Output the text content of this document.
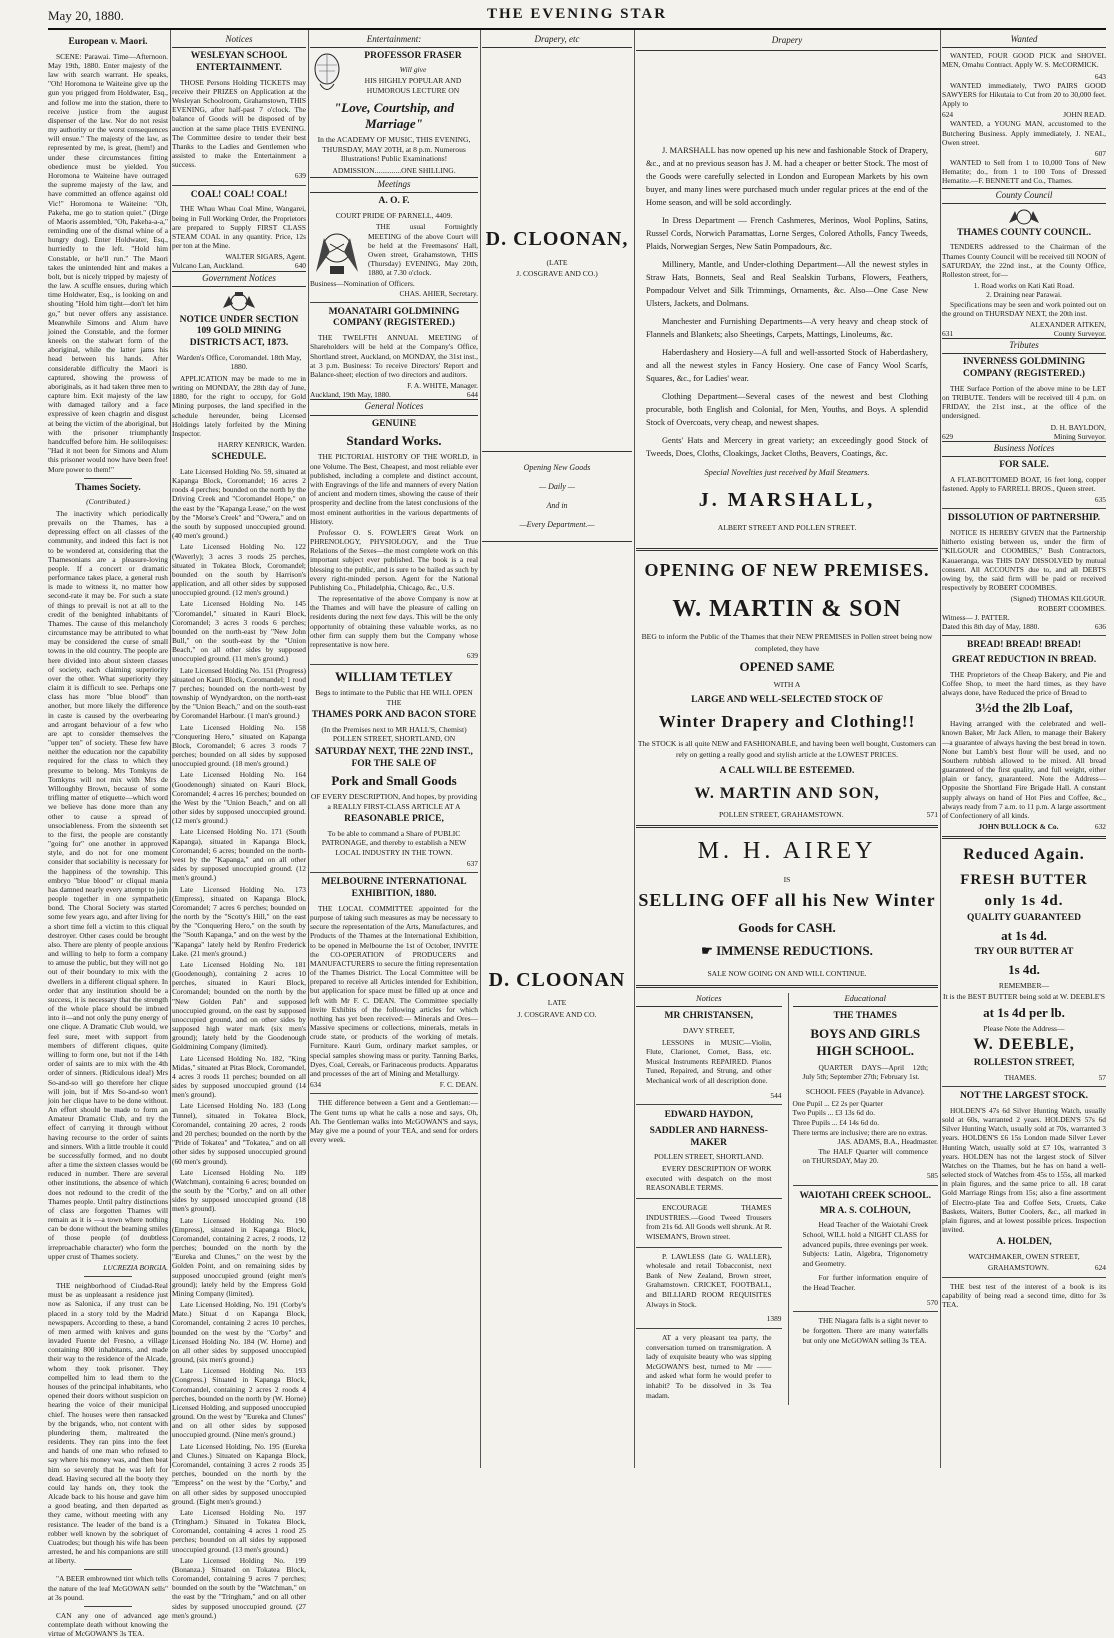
May 20, 1880.	THE EVENING STAR
European v. Maori.

SCENE: Parawai. Time—Afternoon. May 19th, 1880. Enter majesty of the law with search warrant. He speaks, "Oh! Horomona te Waiteine give up the gun you prigged from Holdwater, Esq., and follow me into the station, there to receive justice from the august dispenser of the law. Nor do not resist my authority or the worst consequences will ensue." The majesty of the law, as represented by me, is great, (hem!) and under these circumstances fitting obedience must be yielded. You Horomona te Waiteine have outraged the supreme majesty of the law, and have committed an offence against old Vic!" Horomona te Waiteine: "Oh, Pakeha, me go to station quiet." (Dirge of Maoris assembled, "Oh, Pakeha-a-a," reminding one of the dismal whine of a hungry dog). Enter Holdwater, Esq., hurriedly to the left. "Hold him Constable, or he'll run." The Maori takes the unintended hint and makes a bolt, but is nicely tripped by majesty of the law. A scuffle ensues, during which time Holdwater, Esq., is looking on and shouting "Hold him tight—don't let him go," but never offers any assistance. Meanwhile Simons and Alum have joined the Constable, and the former kneels on the stalwart form of the aboriginal, while the latter jams his head between his hands. After considerable difficulty the Maori is captured, showing the prowess of aboriginals, as it had taken three men to capture him. Exit majesty of the law with damaged tailory and a face expressive of keen chagrin and disgust at being the victim of the aboriginal, but with the prisoner triumphantly handcuffed before him. He soliloquises: "Had it not been for Simons and Alum this prisoner would now have been free! More power to them!"

Thames Society.
(Contributed.)

The inactivity which periodically prevails on the Thames, has a depressing effect on all classes of the community, and indeed this fact is not to be wondered at, considering that the Thamesonians are a pleasure-loving people. If a concert or dramatic performance takes place, a general rush is made to witness it, no matter how second-rate it may be. For such a state of things to prevail is not at all to the credit of the benighted inhabitants of Thames. The cause of this melancholy circumstance may be attributed to what may be considered the curse of small towns in the old country. The people are here divided into about sixteen classes of society, each claiming superiority over the other. What superiority they claim it is difficult to see. Perhaps one class has more "blue blood" than another, but more likely the difference in caste is caused by the overbearing and arrogant behaviour of a few who are apt to consider themselves the "upper ten" of society. These few have neither the education nor the capability required for the class to which they presume to belong. Mrs Tomkyns de Tomkyns will not mix with Mrs de Willoughby Brown, because of some trifling matter of etiquette—which word we believe has done more than any other to cause a spread of unsociableness. From the sixteenth set to the first, the people are constantly "going for" one another in approved style, and do not for one moment consider that sociability is necessary for the happiness of the township. This embryo "blue blood" or cliqual mania has damned nearly every attempt to join people together in one sympathetic bond. The Choral Society was started some few years ago, and after living for a short time fell a victim to this cliqual destroyer. Other cases could be brought also. There are plenty of people anxious and willing to help to form a company to amuse the public, but they will not go out of their boundary to mix with the dwellers in a different cliqual sphere. In order that any institution should be a success, it is necessary that the strength of the whole place should be imbued into it—and not only the puny energy of one clique. A Dramatic Club would, we feel sure, meet with support from members of different cliques, quite willing to form one, but not if the 14th order of saints are to mix with the 4th order of sinners. (Ridiculous idea!) Mrs So-and-so will go therefore her clique will join, but if Mrs So-and-so won't join her clique have to be done without. An effort should be made to form an Amateur Dramatic Club, and try the effect of carrying it through without having recourse to the order of saints and sinners. With a little trouble it could be successfully formed, and no doubt after a time the sixteen classes would be reduced in number. There are several other institutions, the absence of which does not redound to the credit of the Thames people. Until paltry distinctions of class are forgotten Thames will remain as it is —a town where nothing can be done without the beaming smiles of those people (of doubtless irreproachable character) who form the upper crust of Thames society.

LUCREZIA BORGIA.

THE neighborhood of Ciudad-Real must be as unpleasant a residence just now as Salonica, if any trust can be placed in a story told by the Madrid newspapers. According to these, a band of men armed with knives and guns invaded Fuente del Fresno, a village containing 800 inhabitants, and made their way to the residence of the Alcade, whom they took prisoner. They compelled him to lead them to the houses of the principal inhabitants, who opened their doors without suspicion on hearing the voice of their municipal chief. The houses were then ransacked by the brigands, who, not content with plundering them, maltreated the residents. They ran pins into the feet and hands of one man who refused to say where his money was, and then beat him so severely that he was left for dead. Having secured all the booty they could lay hands on, they took the Alcade back to his house and gave him a good beating, and then departed as they came, without meeting with any resistance. The leader of the band is a robber well known by the sobriquet of Cuatrodes; but though his wife has been arrested, he and his companions are still at liberty.

"A BEER embrowned tint which tells the nature of the leaf McGOWAN sells" at 3s pound.

CAN any one of advanced age contemplate death without knowing the virtue of McGOWAN'S 3s TEA.

Notices
WESLEYAN SCHOOL ENTERTAINMENT.

THOSE Persons Holding TICKETS may receive their PRIZES on Application at the Wesleyan Schoolroom, Grahamstown, THIS EVENING, after half-past 7 o'clock. The balance of Goods will be disposed of by auction at the same place THIS EVENING. The Committee desire to tender their best Thanks to the Ladies and Gentlemen who assisted to make the Entertainment a success.

639
COAL! COAL! COAL!

THE Whau Whau Coal Mine, Wangarei, being in Full Working Order, the Proprietors are prepared to Supply FIRST CLASS STEAM COAL in any quantity. Price, 12s per ton at the Mine.

WALTER SIGARS, Agent.
Vulcano Lan, Auckland.	640
Government Notices
NOTICE UNDER SECTION 109 GOLD MINING DISTRICTS ACT, 1873.
Warden's Office, Coromandel. 18th May, 1880.

APPLICATION may be made to me in writing on MONDAY, the 28th day of June, 1880, for the right to occupy, for Gold Mining purposes, the land specified in the schedule hereunder, being Licensed Holdings lately forfeited by the Mining Inspector.

HARRY KENRICK, Warden.
SCHEDULE.

Late Licensed Holding No. 59, situated at Kapanga Block, Coromandel; 16 acres 2 roods 4 perches; bounded on the north by the Driving Creek and "Coromandel Hope," on the east by the "Kapanga Lease," on the west by the "Morse's Creek" and "Owera," and on the south by supposed unoccupied ground. (40 men's ground.)

Late Licensed Holding No. 122 (Waverly); 3 acres 3 roods 25 perches, situated in Tokatea Block, Coromandel; bounded on the south by Harrison's application, and all other sides by supposed unoccupied ground. (12 men's ground.)

Late Licensed Holding No. 145 "Coromandel," situated in Kauri Block, Coromandel; 3 acres 3 roods 6 perches; bounded on the north-east by "New John Bull," on the south-east by the "Union Beach," on all other sides by supposed unoccupied ground. (11 men's ground.)

Late Licensed Holding No. 151 (Progress) situated on Kauri Block, Coromandel; 1 rood 7 perches; bounded on the north-west by township of Wyndyardton, on the north-east by the "Union Beach," and on the south-east by Coromandel Harbour. (1 man's ground.)

Late Licensed Holding No. 158 "Conquering Hero," situated on Kapanga Block, Coromandel; 6 acres 3 roods 7 perches; bounded on all sides by supposed unoccupied ground. (18 men's ground.)

Late Licensed Holding No. 164 (Goodenough) situated on Kauri Block, Coromandel; 4 acres 16 perches; bounded on the West by the "Union Beach," and on all other sides by supposed unoccupied ground. (12 men's ground.)

Late Licensed Holding No. 171 (South Kapanga), situated in Kapanga Block, Coromandel; 6 acres; bounded on the north-west by the "Kapanga," and on all other sides by supposed unoccupied ground. (12 men's ground.)

Late Licensed Holding No. 173 (Empress), situated on Kapanga Block, Coromandel; 7 acres 6 perches; bounded on the north by the "Scotty's Hill," on the east by the "Conquering Hero," on the south by the "South Kapanga," and on the west by the "Kapanga" lately held by Renfro Frederick Lake. (21 men's ground.)

Late Licensed Holding No. 181 (Goodenough), containing 2 acres 10 perches, situated in Kauri Block, Coromandel; bounded on the north by the "New Golden Pah" and supposed unoccupied ground, on the east by supposed unoccupied ground, and on other sides by supposed high water mark (six men's ground); lately held by the Goodenough Goldmining Company (limited).

Late Licensed Holding No. 182, "King Midas," situated at Pitas Block, Coromandel, 4 acres 3 roods 11 perches; bounded on all sides by supposed unoccupied ground (14 men's ground).

Late Licensed Holding No. 183 (Long Tunnel), situated in Tokatea Block, Coromandel, containing 20 acres, 2 roods and 20 perches; bounded on the north by the "Pride of Tokatea" and "Tokatea," and on all other sides by supposed unoccupied ground (60 men's ground).

Late Licensed Holding No. 189 (Watchman), containing 6 acres; bounded on the south by the "Corby," and on all other sides by supposed unoccupied ground (18 men's ground).

Late Licensed Holding No. 190 (Empress), situated in Kapanga Block, Coromandel, containing 2 acres, 2 roods, 12 perches; bounded on the north by the "Eureka and Clunes," on the west by the Golden Point, and on remaining sides by supposed unoccupied ground (eight men's ground); lately held by the Empress Gold Mining Company (limited).

Late Licensed Holding, No. 191 (Corby's Mate.) Situat d on Kapanga Block, Coromandel, containing 2 acres 10 perches, bounded on the west by the "Corby" and Licensed Holding No. 184 (W. Horne) and on all other sides by supposed unoccupied ground, (six men's ground.)

Late Licensed Holding No. 193 (Congress.) Situated in Kapanga Block, Coromandel, containing 2 acres 2 roods 4 perches, bounded on the north by (W. Horne) Licensed Holding, and supposed unoccupied ground. On the west by "Eureka and Clunes" and on all other sides by supposed unoccupied ground. (Nine men's ground.)

Late Licensed Holding, No. 195 (Eureka and Clunes.) Situated on Kapanga Block, Coromandel, containing 3 acres 2 roods 35 perches, bounded on the north by the "Empress" on the west by the "Corby," and on all other sides by supposed unoccupied ground. (Eight men's ground.)

Late Licensed Holding No. 197 (Tringham.) Situated in Tokatea Block, Coromandel, containing 4 acres 1 rood 25 perches; bounded on all sides by supposed unoccupied ground. (13 men's ground.)

Late Licensed Holding No. 199 (Bonanza.) Situated on Tokatea Block, Coromandel, containing 9 acres 7 perches; bounded on the south by the "Watchman," on the east by the "Tringham," and on all other sides by supposed unoccupied ground. (27 men's ground.)

Entertainment:
PROFESSOR FRASER
Will give
HIS HIGHLY POPULAR AND HUMOROUS LECTURE ON
"Love, Courtship, and Marriage"
In the ACADEMY OF MUSIC, THIS EVENING, THURSDAY, MAY 20TH, at 8 p.m. Numerous Illustrations! Public Examinations!
ADMISSION..............ONE SHILLING.
Meetings
A. O. F.
COURT PRIDE OF PARNELL, 4409.

THE usual Fortnightly MEETING of the above Court will be held at the Freemasons' Hall, Owen street, Grahamstown, THIS (Thursday) EVENING, May 20th, 1880, at 7.30 o'clock.

Business—Nomination of Officers.
CHAS. AHIER, Secretary.
MOANATAIRI GOLDMINING COMPANY (REGISTERED.)

THE TWELFTH ANNUAL MEETING of Shareholders will be held at the Company's Office, Shortland street, Auckland, on MONDAY, the 31st inst., at 3 p.m. Business: To receive Directors' Report and Balance-sheet; election of two directors and auditors.

F. A. WHITE, Manager.
Auckland, 19th May, 1880.	644
General Notices
GENUINE
Standard Works.

THE PICTORIAL HISTORY OF THE WORLD, in one Volume. The Best, Cheapest, and most reliable ever published, including a complete and distinct account, with Engravings of the life and manners of every Nation of ancient and modern times, showing the cause of their prosperity and decline from the latest conclusions of the most eminent authorities in the various departments of History.

Professor O. S. FOWLER'S Great Work on PHRENOLOGY, PHYSIOLOGY, and the True Relations of the Sexes—the most complete work on this important subject ever published. The book is a real blessing to the public, and is sure to be hailed as such by every right-minded person. Agent for the National Publishing Co., Philadelphia, Chicago, &c., U.S.

The representative of the above Company is now at the Thames and will have the pleasure of calling on residents during the next few days. This will be the only opportunity of obtaining these valuable works, as no other firm can supply them but the Company whose representative is now here.

639
WILLIAM TETLEY
Begs to intimate to the Public that HE WILL OPEN THE
THAMES PORK AND BACON STORE
(In the Premises next to MR HALL'S, Chemist) POLLEN STREET, SHORTLAND, ON
SATURDAY NEXT, THE 22ND INST., FOR THE SALE OF
Pork and Small Goods
OF EVERY DESCRIPTION, And hopes, by providing a REALLY FIRST-CLASS ARTICLE AT A
REASONABLE PRICE,
To be able to command a Share of PUBLIC PATRONAGE, and thereby to establish a NEW LOCAL INDUSTRY IN THE TOWN.
637
MELBOURNE INTERNATIONAL EXHIBITION, 1880.

THE LOCAL COMMITTEE appointed for the purpose of taking such measures as may be necessary to secure the representation of the Arts, Manufactures, and Products of the Thames at the International Exhibition, to be opened in Melbourne the 1st of October, INVITE the CO-OPERATION of PRODUCERS and MANUFACTURERS to secure the fitting representation of the Thames District. The Local Committee will be prepared to receive all Articles intended for Exhibition, but application for space must be filled up at once and left with Mr F. C. DEAN. The Committee specially invite Exhibits of the following articles for which nothing has yet been received:— Minerals and Ores—Massive specimens or collections, minerals, metals in crude state, or products of the working of metals. Furniture. Kauri Gum, ordinary market samples, or special samples showing mass or purity. Tanning Barks, Dyes, Coal, Cereals, or Farinaceous products. Apparatus and processes of the art of Mining and Metallurgy.

634	F. C. DEAN.

THE difference between a Gent and a Gentleman:—The Gent turns up what he calls a nose and says, Oh, Ah. The Gentleman walks into McGOWAN'S and says, May give me a pound of your TEA, and send for orders every week.

Drapery, etc
D. CLOONAN,
(LATE
J. COSGRAVE AND CO.)
Opening New Goods
— Daily —
And in
—Every Department.—
D. CLOONAN
LATE
J. COSGRAVE AND CO.
Drapery

J. MARSHALL has now opened up his new and fashionable Stock of Drapery, &c., and at no previous season has J. M. had a cheaper or better Stock. The most of the Goods were carefully selected in London and European Markets by his own buyer, and many lines were purchased much under regular prices at the end of the Home season, and will be sold accordingly.

In Dress Department — French Cashmeres, Merinos, Wool Poplins, Satins, Russel Cords, Norwich Paramattas, Lorne Serges, Colored Atholls, Fancy Tweeds, Plaids, Norwegian Serges, New Satin Pompadours, &c.

Millinery, Mantle, and Under-clothing Department—All the newest styles in Straw Hats, Bonnets, Seal and Real Sealskin Turbans, Flowers, Feathers, Pompadour Velvet and Silk Trimmings, Ornaments, &c. Also—One Case New Ulsters, Jackets, and Dolmans.

Manchester and Furnishing Departments—A very heavy and cheap stock of Flannels and Blankets; also Sheetings, Carpets, Mattings, Linoleums, &c.

Haberdashery and Hosiery—A full and well-assorted Stock of Haberdashery, and all the newest styles in Fancy Hosiery. One case of Fancy Wool Scarfs, Squares, &c., for Ladies' wear.

Clothing Department—Several cases of the newest and best Clothing procurable, both English and Colonial, for Men, Youths, and Boys. A splendid Stock of Overcoats, very cheap, and newest shapes.

Gents' Hats and Mercery in great variety; an exceedingly good Stock of Tweeds, Does, Cloths, Cloakings, Jacket Cloths, Beavers, Coatings, &c.

Special Novelties just received by Mail Steamers.
J. MARSHALL,
ALBERT STREET AND POLLEN STREET.
OPENING OF NEW PREMISES.
W. MARTIN & SON
BEG to inform the Public of the Thames that their NEW PREMISES in Pollen street being now completed, they have
OPENED SAME
WITH A
LARGE AND WELL-SELECTED STOCK OF
Winter Drapery and Clothing!!
The STOCK is all quite NEW and FASHIONABLE, and having been well bought, Customers can rely on getting a really good and stylish article at the LOWEST PRICES.
A CALL WILL BE ESTEEMED.
W. MARTIN AND SON,
POLLEN STREET, GRAHAMSTOWN.	571
M. H. AIREY
IS
SELLING OFF all his New Winter
Goods for CASH.
☛ IMMENSE REDUCTIONS.
SALE NOW GOING ON AND WILL CONTINUE.
Notices
MR CHRISTANSEN,
DAVY STREET,

LESSONS in MUSIC—Violin, Flute, Clarionet, Cornet, Bass, etc. Musical Instruments REPAIRED. Pianos Tuned, Repaired, and Strung, and other Mechanical work of all description done.

544
EDWARD HAYDON,
SADDLER AND HARNESS-MAKER
POLLEN STREET, SHORTLAND.

EVERY DESCRIPTION OF WORK executed with despatch on the most REASONABLE TERMS.

ENCOURAGE THAMES INDUSTRIES.—Good Tweed Trousers from 21s 6d. All Goods well shrunk. At R. WISEMAN'S, Brown street.

P. LAWLESS (late G. WALLER), wholesale and retail Tobacconist, next Bank of New Zealand, Brown street, Grahamstown. CRICKET, FOOTBALL, and BILLIARD ROOM REQUISITES Always in Stock.

1389

AT a very pleasant tea party, the conversation turned on transmigration. A lady of exquisite beauty who was sipping McGOWAN'S best, turned to Mr —— and asked what form he would prefer to inhabit? To be dissolved in 3s Tea madam.

Educational
THE THAMES
BOYS AND GIRLS HIGH SCHOOL.

QUARTER DAYS—April 12th; July 5th; September 27th; February 1st.

SCHOOL FEES (Payable in Advance).
One Pupil ... £2 2s per Quarter
Two Pupils ... £3 13s 6d do.
Three Pupils ... £4 14s 6d do.
There terms are inclusive; there are no extras.
JAS. ADAMS, B.A., Headmaster.

The HALF Quarter will commence on THURSDAY, May 20.

585
WAIOTAHI CREEK SCHOOL.
MR A. S. COLHOUN,

Head Teacher of the Waiotahi Creek School, WILL hold a NIGHT CLASS for advanced pupils, three evenings per week. Subjects: Latin, Algebra, Trigonometry and Geometry.

For further information enquire of the Head Teacher.

570

THE Niagara falls is a sight never to be forgotten. There are many waterfalls but only one McGOWAN selling 3s TEA.

Wanted

WANTED, FOUR GOOD PICK and SHOVEL MEN, Omahu Contract. Apply W. S. McCORMICK.

643

WANTED immediately, TWO PAIRS GOOD SAWYERS for Hikutaia to Cut from 20 to 30,000 feet. Apply to

624	JOHN READ.

WANTED, a YOUNG MAN, accustomed to the Butchering Business. Apply immediately, J. NEAL, Owen street.

607

WANTED to Sell from 1 to 10,000 Tons of New Hematite; do., from 1 to 100 Tons of Dressed Hematite.—F. BENNETT and Co., Thames.

County Council
THAMES COUNTY COUNCIL.

TENDERS addressed to the Chairman of the Thames County Council will be received till NOON of SATURDAY, the 22nd inst., at the County Office, Rolleston street, for—

1. Road works on Kati Kati Road.
2. Draining near Parawai.

Specifications may be seen and work pointed out on the ground on THURSDAY NEXT, the 20th inst.

ALEXANDER AITKEN,
631	County Surveyor.
Tributes
INVERNESS GOLDMINING COMPANY (REGISTERED.)

THE Surface Portion of the above mine to be LET on TRIBUTE. Tenders will be received till 4 p.m. on FRIDAY, the 21st inst., at the office of the undersigned.

D. H. BAYLDON,
629	Mining Surveyor.
Business Notices
FOR SALE.

A FLAT-BOTTOMED BOAT, 16 feet long, copper fastened. Apply to FARRELL BROS., Queen street.

635
DISSOLUTION OF PARTNERSHIP.

NOTICE IS HEREBY GIVEN that the Partnership hitherto existing between us, under the firm of "KILGOUR and COOMBES," Bush Contractors, Kauaeranga, was THIS DAY DISSOLVED by mutual consent. All ACCOUNTS due to, and all DEBTS owing by, the said firm will be paid or received respectively by ROBERT COOMBES.

(Signed) THOMAS KILGOUR.
ROBERT COOMBES.
Witness— J. PATTER.
Dated this 8th day of May, 1880.	636
BREAD! BREAD! BREAD!
GREAT REDUCTION IN BREAD.

THE Proprietors of the Cheap Bakery, and Pie and Coffee Shop, to meet the hard times, as they have always done, have Reduced the price of Bread to

3½d the 2lb Loaf,

Having arranged with the celebrated and well-known Baker, Mr Jack Allen, to manage their Bakery—a guarantee of always having the best bread in town. None but Lamb's best flour will be used, and no Southern rubbish allowed to be mixed. All bread guaranteed of the first quality, and full weight, either plain or fancy, guaranteed. Note the Address—Opposite the Shortland Fire Brigade Hall. A constant supply always on hand of Hot Pies and Coffee, &c., always ready from 7 a.m. to 11 p.m. A large assortment of Confectionery of all kinds.

JOHN BULLOCK & Co.	632
Reduced Again.
FRESH BUTTER
only 1s 4d.
QUALITY GUARANTEED
at 1s 4d.
TRY OUR BUTTER AT
1s 4d.
REMEMBER—
It is the BEST BUTTER being sold at W. DEEBLE'S
at 1s 4d per lb.
Please Note the Address—
W. DEEBLE,
ROLLESTON STREET,
THAMES.	57
NOT THE LARGEST STOCK.

HOLDEN'S 47s 6d Silver Hunting Watch, usually sold at 60s, warranted 2 years. HOLDEN'S 57s 6d Silver Hunting Watch, usually sold at 70s, warranted 3 years. HOLDEN'S £6 15s London made Silver Lever Hunting Watch, usually sold at £7 10s, warranted 3 years. HOLDEN has not the largest stock of Silver Watches on the Thames, but he has on hand a well-selected stock of Watches from 45s to 155s, all marked in plain figures, and the same price to all. 18 carat Gold Marriage Rings from 15s; also a fine assortment of Electro-plate Tea and Coffee Sets, Cruets, Cake Baskets, Waiters, Butter Coolers, &c., all marked in plain figures, and at lowest possible prices. Inspection invited.

A. HOLDEN,
WATCHMAKER, OWEN STREET,
GRAHAMSTOWN.	624

THE best test of the interest of a book is its capability of being read a second time, ditto for 3s TEA.
